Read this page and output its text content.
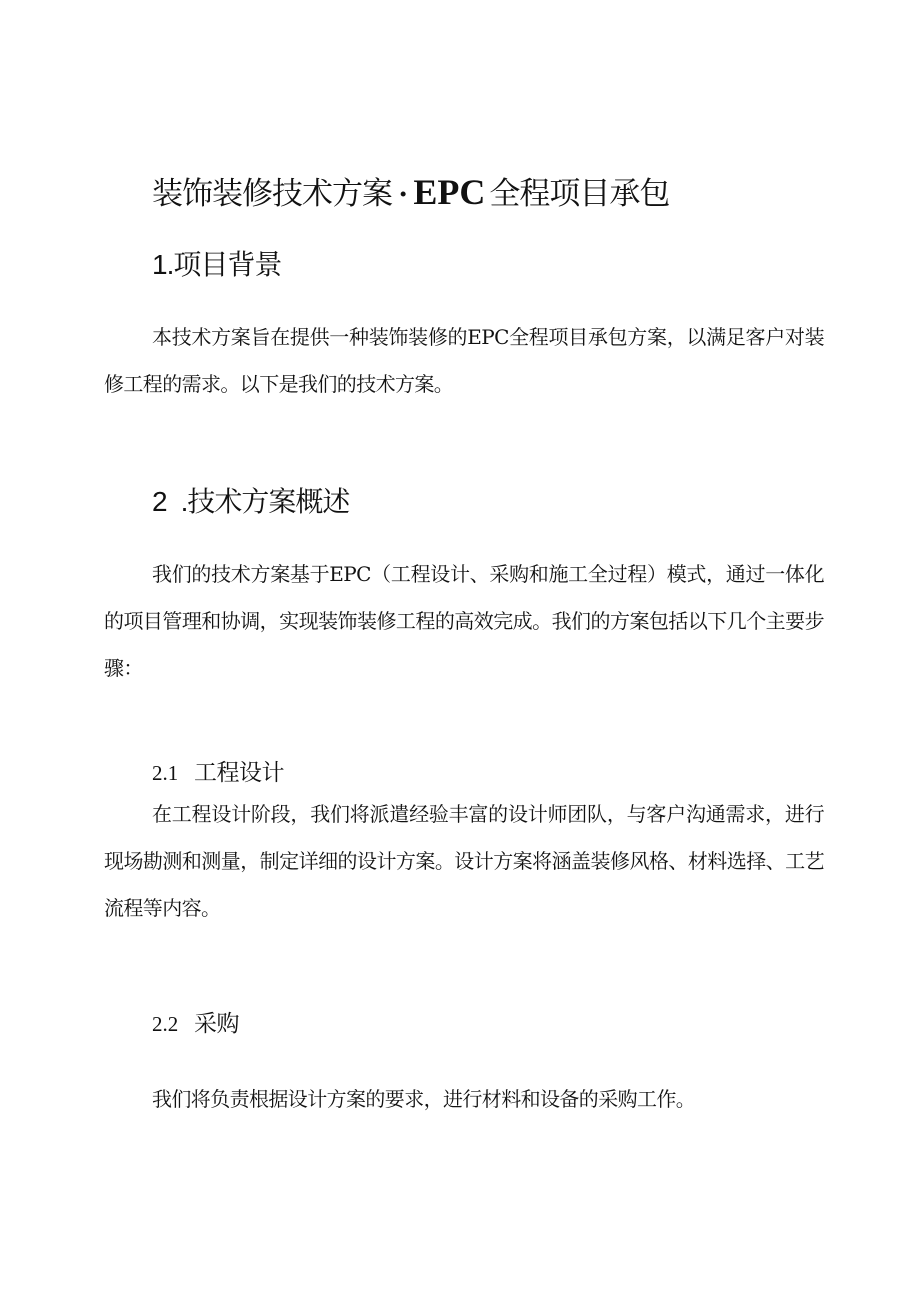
装饰装修技术方案 · EPC 全程项目承包
1.项目背景

本技术方案旨在提供一种装饰装修的EPC全程项目承包方案，以满足客户对装修工程的需求。以下是我们的技术方案。

2 .技术方案概述

我们的技术方案基于EPC（工程设计、采购和施工全过程）模式，通过一体化的项目管理和协调，实现装饰装修工程的高效完成。我们的方案包括以下几个主要步骤：

2.1 工程设计

在工程设计阶段，我们将派遣经验丰富的设计师团队，与客户沟通需求，进行现场勘测和测量，制定详细的设计方案。设计方案将涵盖装修风格、材料选择、工艺流程等内容。

2.2 采购

我们将负责根据设计方案的要求，进行材料和设备的采购工作。
